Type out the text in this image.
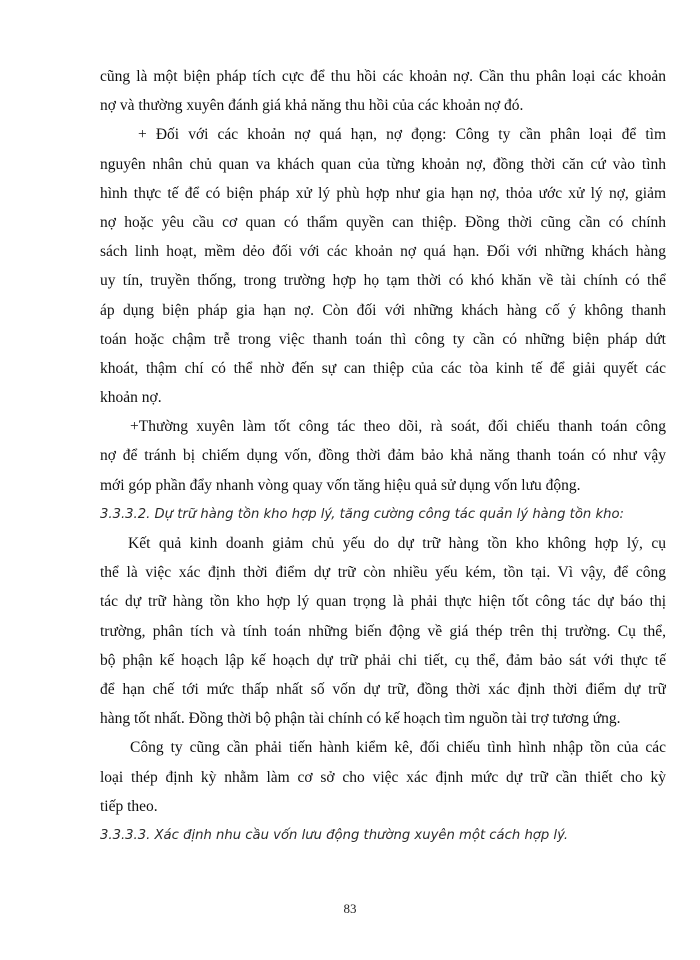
cũng là một biện pháp tích cực để thu hồi các khoản nợ. Cần thu phân loại các khoản
nợ và thường xuyên đánh giá khả năng thu hồi của các khoản nợ đó.
+ Đối với các khoản nợ quá hạn, nợ đọng: Công ty cần phân loại để tìm
nguyên nhân chủ quan va khách quan của từng khoản nợ, đồng thời căn cứ vào tình
hình thực tế để có biện pháp xử lý phù hợp như gia hạn nợ, thỏa ước xử lý nợ, giảm
nợ hoặc yêu cầu cơ quan có thẩm quyền can thiệp. Đồng thời cũng cần có chính
sách linh hoạt, mềm dẻo đối với các khoản nợ quá hạn. Đối với những khách hàng
uy tín, truyền thống, trong trường hợp họ tạm thời có khó khăn về tài chính có thể
áp dụng biện pháp gia hạn nợ. Còn đối với những khách hàng cố ý không thanh
toán hoặc chậm trễ trong việc thanh toán thì công ty cần có những biện pháp dứt
khoát, thậm chí có thể nhờ đến sự can thiệp của các tòa kinh tế để giải quyết các
khoản nợ.
+Thường xuyên làm tốt công tác theo dõi, rà soát, đối chiếu thanh toán công
nợ để tránh bị chiếm dụng vốn, đồng thời đảm bảo khả năng thanh toán có như vậy
mới góp phần đẩy nhanh vòng quay vốn tăng hiệu quả sử dụng vốn lưu động.
3.3.3.2. Dự trữ hàng tồn kho hợp lý, tăng cường công tác quản lý hàng tồn kho:
Kết quả kinh doanh giảm chủ yếu do dự trữ hàng tồn kho không hợp lý, cụ
thể là việc xác định thời điểm dự trữ còn nhiều yếu kém, tồn tại. Vì vậy, để công
tác dự trữ hàng tồn kho hợp lý quan trọng là phải thực hiện tốt công tác dự báo thị
trường, phân tích và tính toán những biến động về giá thép trên thị trường. Cụ thể,
bộ phận kế hoạch lập kế hoạch dự trữ phải chi tiết, cụ thể, đảm bảo sát với thực tế
để hạn chế tới mức thấp nhất số vốn dự trữ, đồng thời xác định thời điểm dự trữ
hàng tốt nhất. Đồng thời bộ phận tài chính có kế hoạch tìm nguồn tài trợ tương ứng.
Công ty cũng cần phải tiến hành kiểm kê, đối chiếu tình hình nhập tồn của các
loại thép định kỳ nhằm làm cơ sở cho việc xác định mức dự trữ cần thiết cho kỳ
tiếp theo.
3.3.3.3. Xác định nhu cầu vốn lưu động thường xuyên một cách hợp lý.
83
